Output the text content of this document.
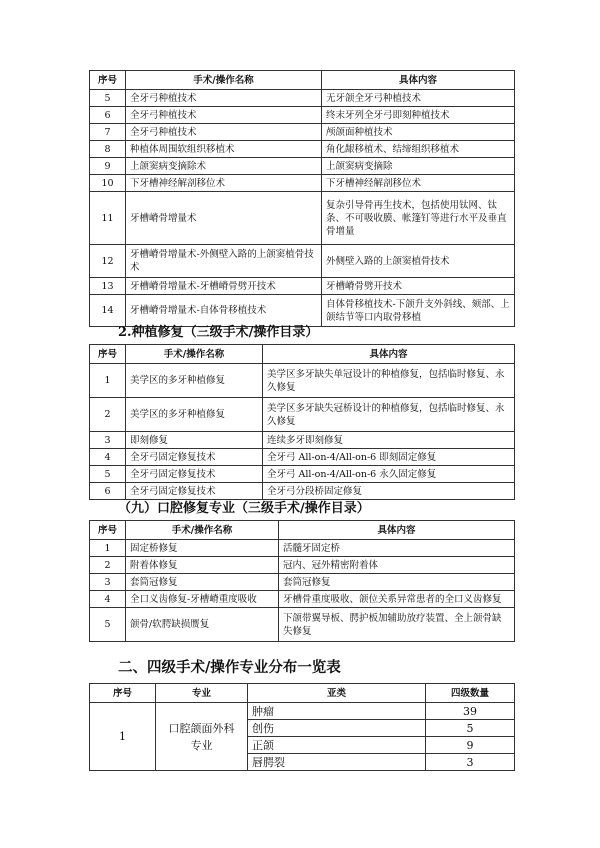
序号	手术/操作名称	具体内容
5	全牙弓种植技术	无牙颌全牙弓种植技术
6	全牙弓种植技术	终末牙列全牙弓即刻种植技术
7	全牙弓种植技术	颅颌面种植技术
8	种植体周围软组织移植术	角化龈移植术、结缔组织移植术
9	上颌窦病变摘除术	上颌窦病变摘除
10	下牙槽神经解剖移位术	下牙槽神经解剖移位术
11	牙槽嵴骨增量术	复杂引导骨再生技术，包括使用钛网、钛条、不可吸收膜、帐篷钉等进行水平及垂直骨增量
12	牙槽嵴骨增量术-外侧壁入路的上颌窦植骨技术	外侧壁入路的上颌窦植骨技术
13	牙槽嵴骨增量术-牙槽嵴骨劈开技术	牙槽嵴骨劈开技术
14	牙槽嵴骨增量术-自体骨移植技术	自体骨移植技术-下颌升支外斜线、颏部、上颌结节等口内取骨移植
2.种植修复（三级手术/操作目录）
序号	手术/操作名称	具体内容
1	美学区的多牙种植修复	美学区多牙缺失单冠设计的种植修复，包括临时修复、永久修复
2	美学区的多牙种植修复	美学区多牙缺失冠桥设计的种植修复，包括临时修复、永久修复
3	即刻修复	连续多牙即刻修复
4	全牙弓固定修复技术	全牙弓 All-on-4/All-on-6 即刻固定修复
5	全牙弓固定修复技术	全牙弓 All-on-4/All-on-6 永久固定修复
6	全牙弓固定修复技术	全牙弓分段桥固定修复
（九）口腔修复专业（三级手术/操作目录）
序号	手术/操作名称	具体内容
1	固定桥修复	活髓牙固定桥
2	附着体修复	冠内、冠外精密附着体
3	套筒冠修复	套筒冠修复
4	全口义齿修复-牙槽嵴重度吸收	牙槽骨重度吸收、颌位关系异常患者的全口义齿修复
5	颌骨/软腭缺损赝复	下颌带翼导板、腭护板加辅助放疗装置、全上颌骨缺失修复
二、四级手术/操作专业分布一览表
序号	专业	亚类	四级数量
1	口腔颌面外科专业	肿瘤	39
		创伤	5
		正颌	9
		唇腭裂	3
